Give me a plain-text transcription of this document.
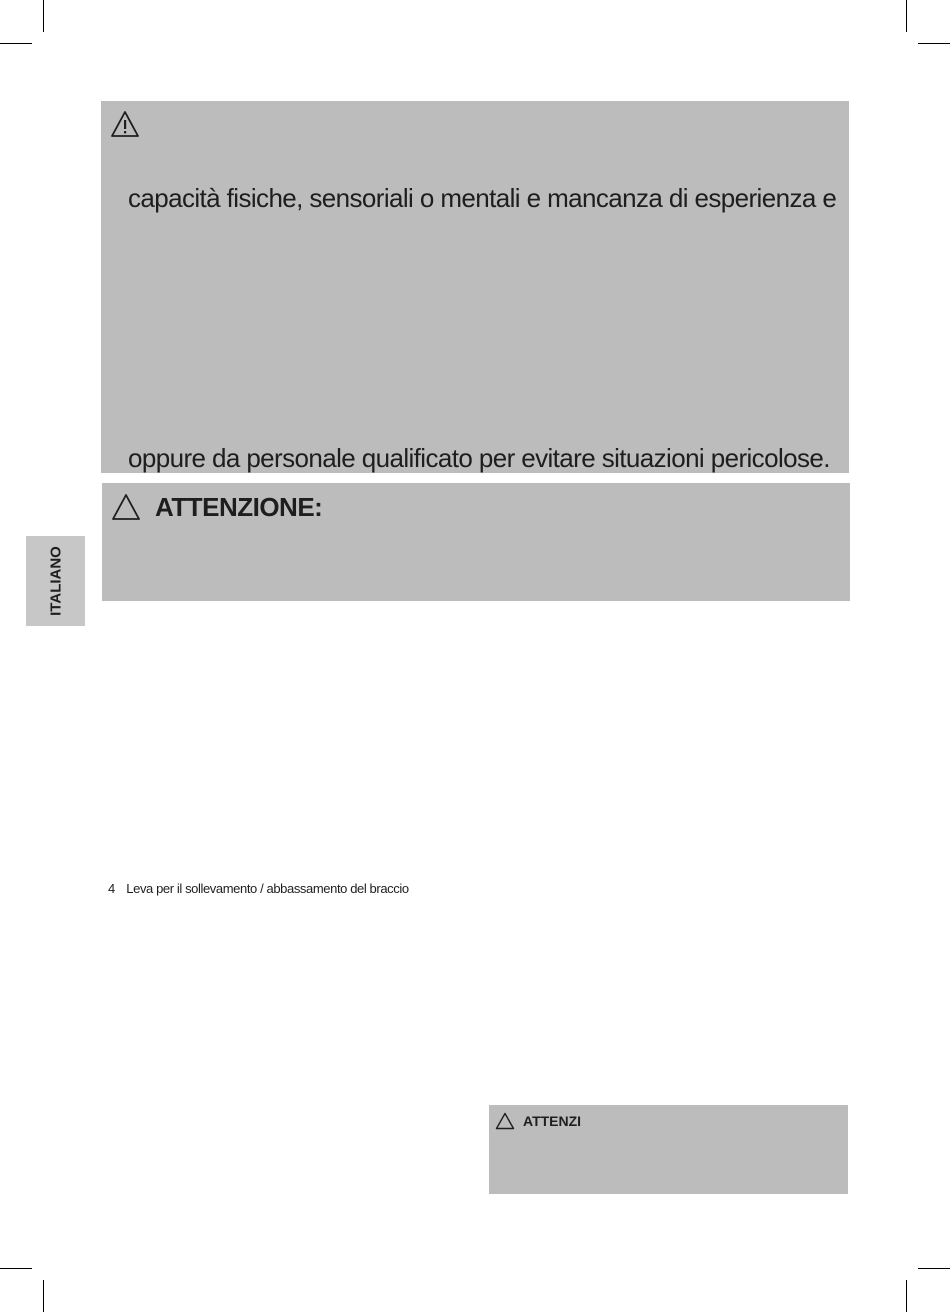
ITALIANO
capacità fisiche, sensoriali o mentali e mancanza di esperienza e
oppure da personale qualificato per evitare situazioni pericolose.
ATTENZIONE:
4 Leva per il sollevamento / abbassamento del braccio
ATTENZI
